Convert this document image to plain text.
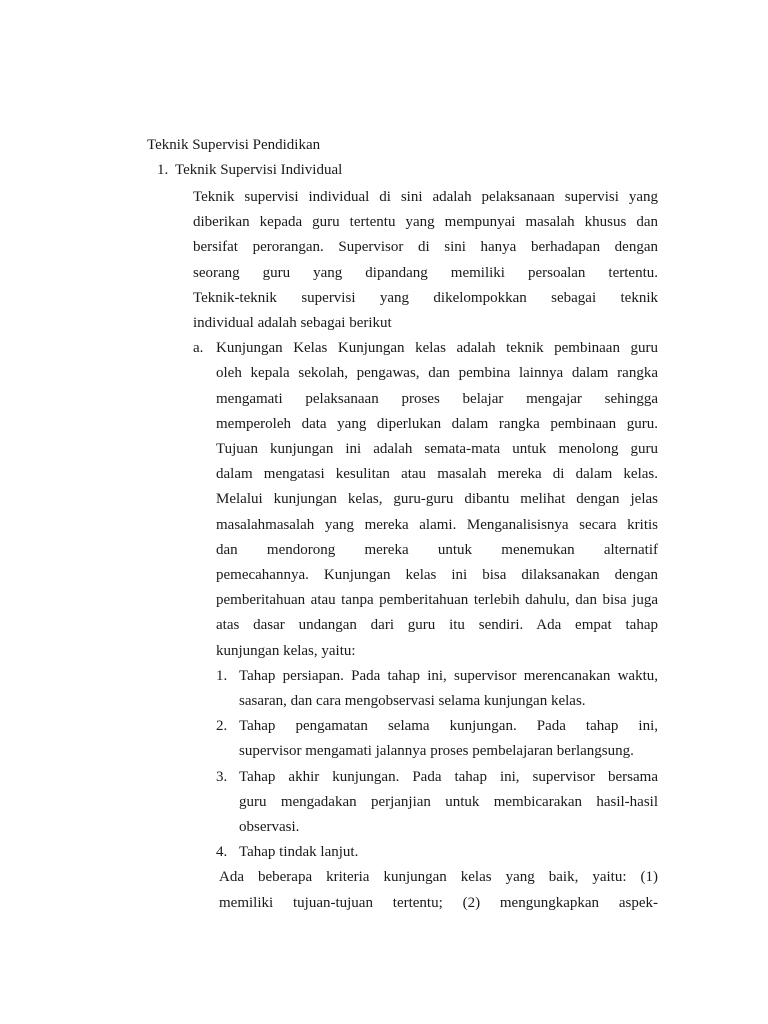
Teknik Supervisi Pendidikan
1. Teknik Supervisi Individual
Teknik supervisi individual di sini adalah pelaksanaan supervisi yang
diberikan kepada guru tertentu yang mempunyai masalah khusus dan
bersifat perorangan. Supervisor di sini hanya berhadapan dengan
seorang guru yang dipandang memiliki persoalan tertentu.
Teknik-teknik supervisi yang dikelompokkan sebagai teknik
individual adalah sebagai berikut
a. Kunjungan Kelas Kunjungan kelas adalah teknik pembinaan guru
oleh kepala sekolah, pengawas, dan pembina lainnya dalam rangka
mengamati pelaksanaan proses belajar mengajar sehingga
memperoleh data yang diperlukan dalam rangka pembinaan guru.
Tujuan kunjungan ini adalah semata-mata untuk menolong guru
dalam mengatasi kesulitan atau masalah mereka di dalam kelas.
Melalui kunjungan kelas, guru-guru dibantu melihat dengan jelas
masalahmasalah yang mereka alami. Menganalisisnya secara kritis
dan mendorong mereka untuk menemukan alternatif
pemecahannya. Kunjungan kelas ini bisa dilaksanakan dengan
pemberitahuan atau tanpa pemberitahuan terlebih dahulu, dan bisa juga
atas dasar undangan dari guru itu sendiri. Ada empat tahap
kunjungan kelas, yaitu:
1. Tahap persiapan. Pada tahap ini, supervisor merencanakan waktu,
sasaran, dan cara mengobservasi selama kunjungan kelas.
2. Tahap pengamatan selama kunjungan. Pada tahap ini,
supervisor mengamati jalannya proses pembelajaran berlangsung.
3. Tahap akhir kunjungan. Pada tahap ini, supervisor bersama
guru mengadakan perjanjian untuk membicarakan hasil-hasil
observasi.
4. Tahap tindak lanjut.
Ada beberapa kriteria kunjungan kelas yang baik, yaitu: (1)
memiliki tujuan-tujuan tertentu; (2) mengungkapkan aspek-
